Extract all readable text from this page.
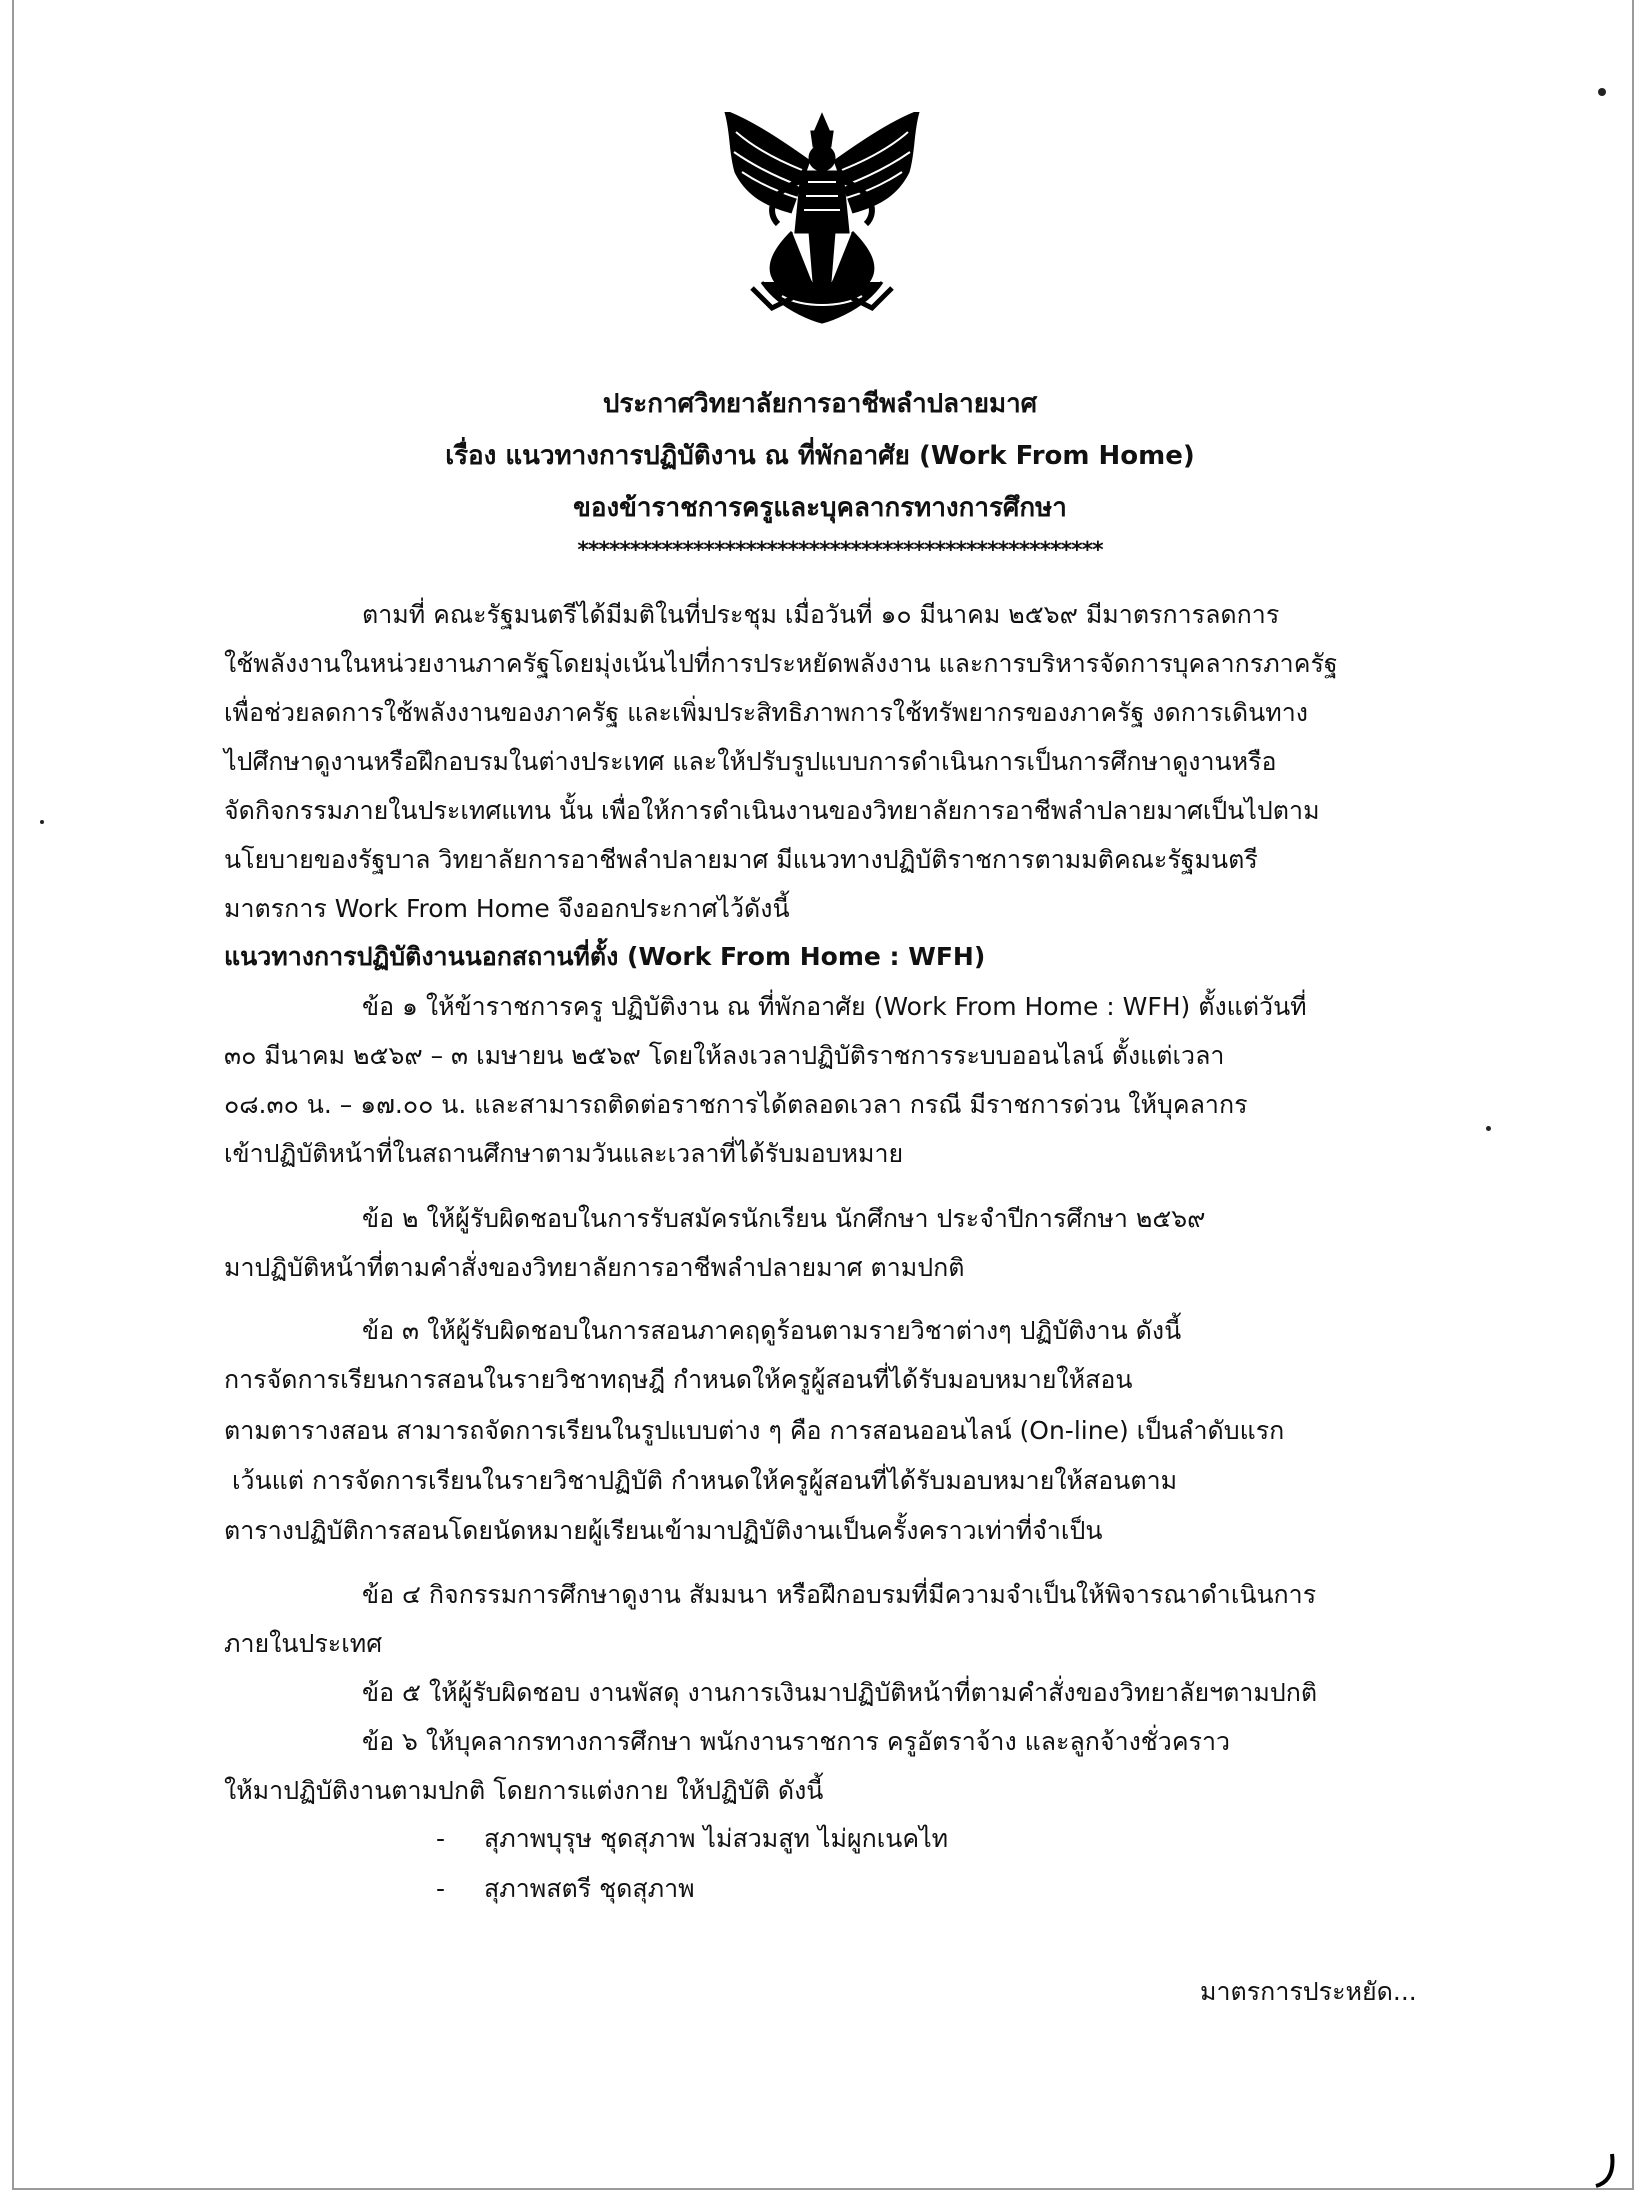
ประกาศวิทยาลัยการอาชีพลำปลายมาศ
เรื่อง แนวทางการปฏิบัติงาน ณ ที่พักอาศัย (Work From Home)
ของข้าราชการครูและบุคลากรทางการศึกษา
**************************************************
ตามที่ คณะรัฐมนตรีได้มีมติในที่ประชุม เมื่อวันที่ ๑๐ มีนาคม ๒๕๖๙ มีมาตรการลดการ
ใช้พลังงานในหน่วยงานภาครัฐโดยมุ่งเน้นไปที่การประหยัดพลังงาน และการบริหารจัดการบุคลากรภาครัฐ
เพื่อช่วยลดการใช้พลังงานของภาครัฐ และเพิ่มประสิทธิภาพการใช้ทรัพยากรของภาครัฐ งดการเดินทาง
ไปศึกษาดูงานหรือฝึกอบรมในต่างประเทศ และให้ปรับรูปแบบการดำเนินการเป็นการศึกษาดูงานหรือ
จัดกิจกรรมภายในประเทศแทน นั้น เพื่อให้การดำเนินงานของวิทยาลัยการอาชีพลำปลายมาศเป็นไปตาม
นโยบายของรัฐบาล วิทยาลัยการอาชีพลำปลายมาศ มีแนวทางปฏิบัติราชการตามมติคณะรัฐมนตรี
มาตรการ Work From Home จึงออกประกาศไว้ดังนี้
แนวทางการปฏิบัติงานนอกสถานที่ตั้ง (Work From Home : WFH)
ข้อ ๑ ให้ข้าราชการครู ปฏิบัติงาน ณ ที่พักอาศัย (Work From Home : WFH) ตั้งแต่วันที่
๓๐ มีนาคม ๒๕๖๙ – ๓ เมษายน ๒๕๖๙ โดยให้ลงเวลาปฏิบัติราชการระบบออนไลน์ ตั้งแต่เวลา
๐๘.๓๐ น. – ๑๗.๐๐ น. และสามารถติดต่อราชการได้ตลอดเวลา กรณี มีราชการด่วน ให้บุคลากร
เข้าปฏิบัติหน้าที่ในสถานศึกษาตามวันและเวลาที่ได้รับมอบหมาย
ข้อ ๒ ให้ผู้รับผิดชอบในการรับสมัครนักเรียน นักศึกษา ประจำปีการศึกษา ๒๕๖๙
มาปฏิบัติหน้าที่ตามคำสั่งของวิทยาลัยการอาชีพลำปลายมาศ ตามปกติ
ข้อ ๓ ให้ผู้รับผิดชอบในการสอนภาคฤดูร้อนตามรายวิชาต่างๆ ปฏิบัติงาน ดังนี้
การจัดการเรียนการสอนในรายวิชาทฤษฎี กำหนดให้ครูผู้สอนที่ได้รับมอบหมายให้สอน
ตามตารางสอน สามารถจัดการเรียนในรูปแบบต่าง ๆ คือ การสอนออนไลน์ (On-line) เป็นลำดับแรก
เว้นแต่ การจัดการเรียนในรายวิชาปฏิบัติ กำหนดให้ครูผู้สอนที่ได้รับมอบหมายให้สอนตาม
ตารางปฏิบัติการสอนโดยนัดหมายผู้เรียนเข้ามาปฏิบัติงานเป็นครั้งคราวเท่าที่จำเป็น
ข้อ ๔ กิจกรรมการศึกษาดูงาน สัมมนา หรือฝึกอบรมที่มีความจำเป็นให้พิจารณาดำเนินการ
ภายในประเทศ
ข้อ ๕ ให้ผู้รับผิดชอบ งานพัสดุ งานการเงินมาปฏิบัติหน้าที่ตามคำสั่งของวิทยาลัยฯตามปกติ
ข้อ ๖ ให้บุคลากรทางการศึกษา พนักงานราชการ ครูอัตราจ้าง และลูกจ้างชั่วคราว
ให้มาปฏิบัติงานตามปกติ โดยการแต่งกาย ให้ปฏิบัติ ดังนี้
- สุภาพบุรุษ ชุดสุภาพ ไม่สวมสูท ไม่ผูกเนคไท
- สุภาพสตรี ชุดสุภาพ
มาตรการประหยัด...
